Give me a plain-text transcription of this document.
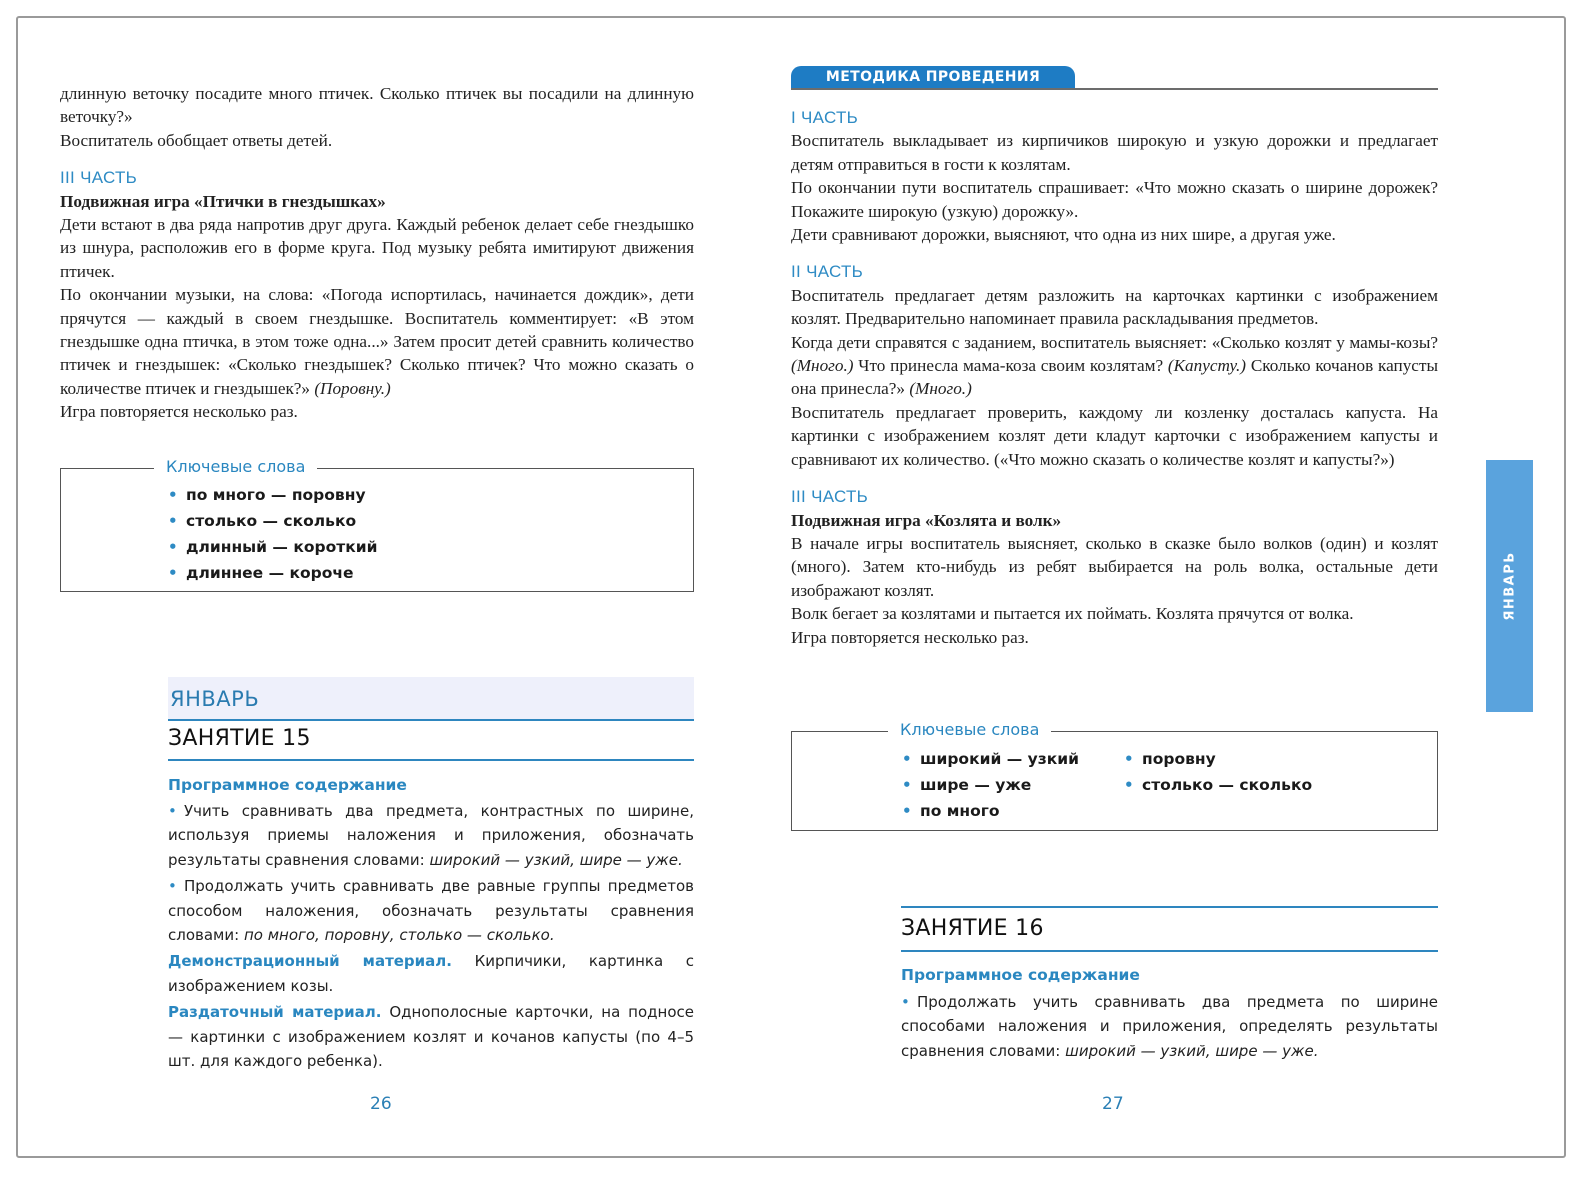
длинную веточку посадите много птичек. Сколько птичек вы посадили на длинную веточку?»

Воспитатель обобщает ответы детей.

III ЧАСТЬ

Подвижная игра «Птички в гнездышках»

Дети встают в два ряда напротив друг друга. Каждый ребенок делает себе гнездышко из шнура, расположив его в форме круга. Под музыку ребята имитируют движения птичек.

По окончании музыки, на слова: «Погода испортилась, начинается дождик», дети прячутся — каждый в своем гнездышке. Воспитатель комментирует: «В этом гнездышке одна птичка, в этом тоже одна...» Затем просит детей сравнить количество птичек и гнездышек: «Сколько гнездышек? Сколько птичек? Что можно сказать о количестве птичек и гнездышек?» (Поровну.)

Игра повторяется несколько раз.

Ключевые слова
• по много — поровну
• столько — сколько
• длинный — короткий
• длиннее — короче
ЯНВАРЬ
ЗАНЯТИЕ 15
Программное содержание

• Учить сравнивать два предмета, контрастных по ширине, используя приемы наложения и приложения, обозначать результаты сравнения словами: широкий — узкий, шире — уже.

• Продолжать учить сравнивать две равные группы предметов способом наложения, обозначать результаты сравнения словами: по много, поровну, столько — сколько.

Демонстрационный материал. Кирпичики, картинка с изображением козы.

Раздаточный материал. Однополосные карточки, на подносе — картинки с изображением козлят и кочанов капусты (по 4–5 шт. для каждого ребенка).

26
МЕТОДИКА ПРОВЕДЕНИЯ

I ЧАСТЬ

Воспитатель выкладывает из кирпичиков широкую и узкую дорожки и предлагает детям отправиться в гости к козлятам.

По окончании пути воспитатель спрашивает: «Что можно сказать о ширине дорожек? Покажите широкую (узкую) дорожку».

Дети сравнивают дорожки, выясняют, что одна из них шире, а другая уже.

II ЧАСТЬ

Воспитатель предлагает детям разложить на карточках картинки с изображением козлят. Предварительно напоминает правила раскладывания предметов.

Когда дети справятся с заданием, воспитатель выясняет: «Сколько козлят у мамы-козы? (Много.) Что принесла мама-коза своим козлятам? (Капусту.) Сколько кочанов капусты она принесла?» (Много.)

Воспитатель предлагает проверить, каждому ли козленку досталась капуста. На картинки с изображением козлят дети кладут карточки с изображением капусты и сравнивают их количество. («Что можно сказать о количестве козлят и капусты?»)

III ЧАСТЬ

Подвижная игра «Козлята и волк»

В начале игры воспитатель выясняет, сколько в сказке было волков (один) и козлят (много). Затем кто-нибудь из ребят выбирается на роль волка, остальные дети изображают козлят.

Волк бегает за козлятами и пытается их поймать. Козлята прячутся от волка.

Игра повторяется несколько раз.

Ключевые слова
• широкий — узкий
• шире — уже
• по много
• поровну
• столько — сколько
ЗАНЯТИЕ 16
Программное содержание

• Продолжать учить сравнивать два предмета по ширине способами наложения и приложения, определять результаты сравнения словами: широкий — узкий, шире — уже.

27
ЯНВАРЬ
